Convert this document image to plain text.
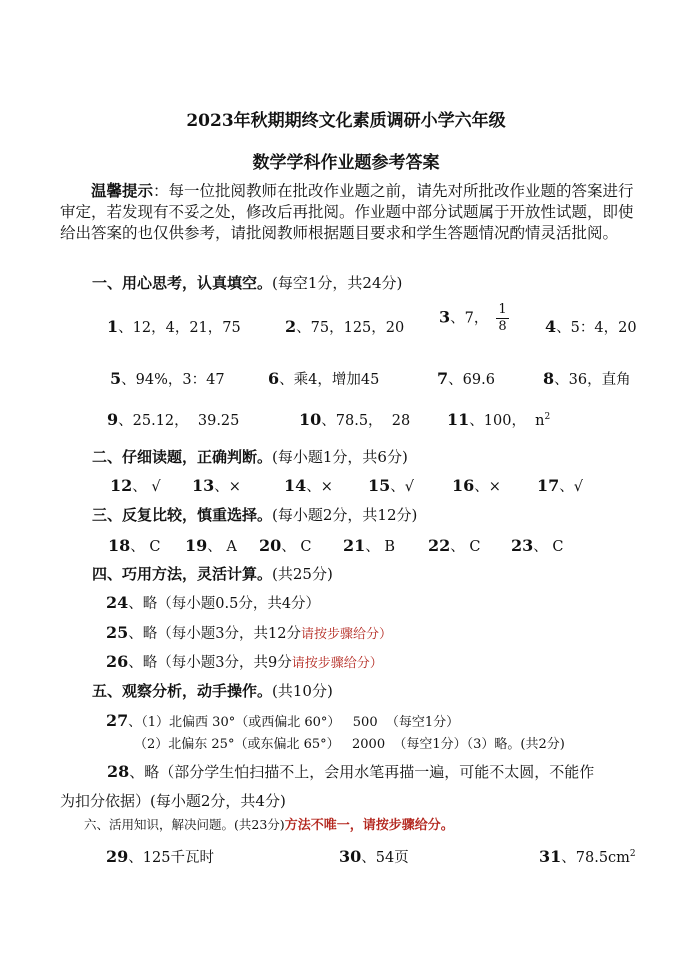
2023年秋期期终文化素质调研小学六年级
数学学科作业题参考答案
温馨提示：每一位批阅教师在批改作业题之前，请先对所批改作业题的答案进行审定，若发现有不妥之处，修改后再批阅。作业题中部分试题属于开放性试题，即使给出答案的也仅供参考，请批阅教师根据题目要求和学生答题情况酌情灵活批阅。
一、用心思考，认真填空。(每空1分，共24分)
1、12，4，21，75	2、75，125，20
3、7， $\frac{1}{8} 4$、5：4，20
5、94%，3：47	6、乘4，增加45	7、69.6	8、36，直角
9、25.12，  39.25	10、78.5，  28 11、100，  $n^2$
二、仔细读题，正确判断。(每小题1分，共6分)
12、 √ 13、×	14、× 15、√ 16、× 17、√
三、反复比较，慎重选择。(每小题2分，共12分)
18、 C 19、 A 20、 C 21、 B 22、 C 23、 C
四、巧用方法，灵活计算。(共25分)
24、略（每小题0.5分，共4分）
25、略（每小题3分，共12分请按步骤给分）
26、略（每小题3分，共9分请按步骤给分）
五、观察分析，动手操作。(共10分)
27、（1）北偏西 30°（或西偏北 60°）   500  （每空1分）
（2）北偏东 25°（或东偏北 65°）   2000  （每空1分）（3）略。(共2分)
28、略（部分学生怕扫描不上，会用水笔再描一遍，可能不太圆，不能作
为扣分依据）(每小题2分，共4分)
六、活用知识，解决问题。(共23分)方法不唯一，请按步骤给分。
29、125千瓦时	30、54页	31、$78.5cm^2$
